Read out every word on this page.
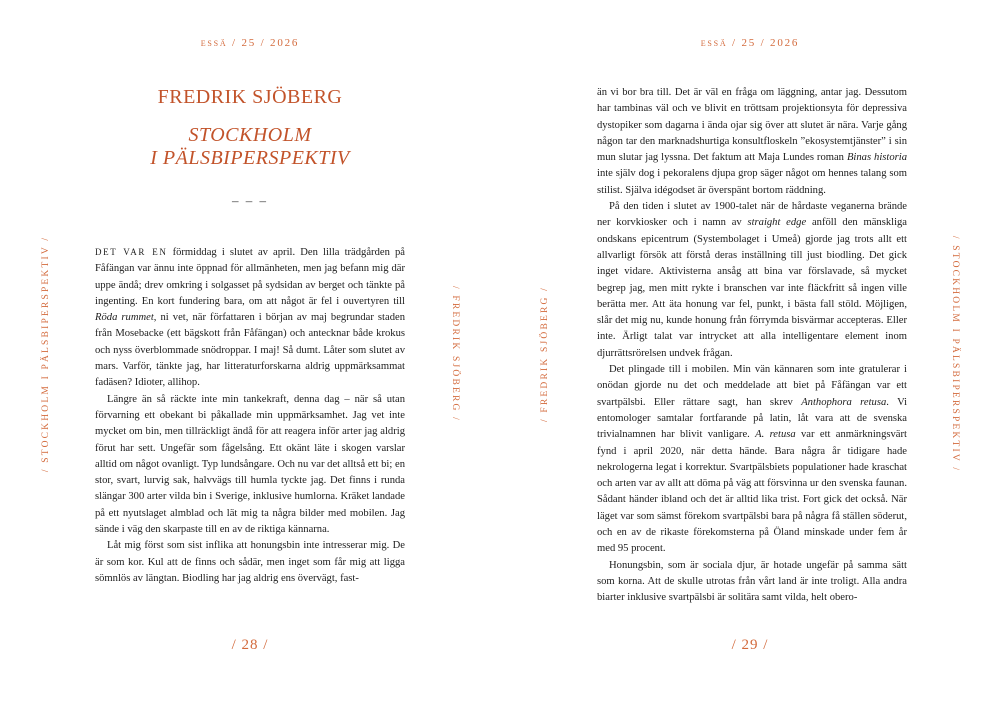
essä / 25 / 2026
/ STOCKHOLM I PÄLSBIPERSPEKTIV /	/ FREDRIK SJÖBERG /
FREDRIK SJÖBERG
STOCKHOLM
I PÄLSBIPERSPEKTIV
– – –

DET VAR EN förmiddag i slutet av april. Den lilla trädgården på Fåfängan var ännu inte öppnad för allmänheten, men jag befann mig där uppe ändå; drev omkring i solgasset på sydsidan av berget och tänkte på ingenting. En kort fundering bara, om att något är fel i ouvertyren till Röda rummet, ni vet, när författaren i början av maj begrundar staden från Mosebacke (ett bägskott från Fåfängan) och antecknar både krokus och nyss överblommade snödroppar. I maj! Så dumt. Låter som slutet av mars. Varför, tänkte jag, har litteraturforskarna aldrig uppmärksammat fadäsen? Idioter, allihop.

Längre än så räckte inte min tankekraft, denna dag – när så utan förvarning ett obekant bi påkallade min uppmärksamhet. Jag vet inte mycket om bin, men tillräckligt ändå för att reagera inför arter jag aldrig förut har sett. Ungefär som fågelsång. Ett okänt läte i skogen varslar alltid om något ovanligt. Typ lundsångare. Och nu var det alltså ett bi; en stor, svart, lurvig sak, halvvägs till humla tyckte jag. Det finns i runda slängar 300 arter vilda bin i Sverige, inklusive humlorna. Kräket landade på ett nyutslaget almblad och lät mig ta några bilder med mobilen. Jag sände i väg den skarpaste till en av de riktiga kännarna.

Låt mig först som sist inflika att honungsbin inte intresserar mig. De är som kor. Kul att de finns och sådär, men inget som får mig att ligga sömnlös av längtan. Biodling har jag aldrig ens övervägt, fast-

/ 28 /
essä / 25 / 2026
/ FREDRIK SJÖBERG /	/ STOCKHOLM I PÄLSBIPERSPEKTIV /
/ 29 /

än vi bor bra till. Det är väl en fråga om läggning, antar jag. Dessutom har tambinas väl och ve blivit en tröttsam projektionsyta för depressiva dystopiker som dagarna i ända ojar sig över att slutet är nära. Varje gång någon tar den marknadshurtiga konsultfloskeln ”ekosystemtjänster” i sin mun slutar jag lyssna. Det faktum att Maja Lundes roman Binas historia inte själv dog i pekoralens djupa grop säger något om hennes talang som stilist. Själva idégodset är överspänt bortom räddning.

På den tiden i slutet av 1900-talet när de hårdaste veganerna brände ner korvkiosker och i namn av straight edge anföll den mänskliga ondskans epicentrum (Systembolaget i Umeå) gjorde jag trots allt ett allvarligt försök att förstå deras inställning till just biodling. Det gick inget vidare. Aktivisterna ansåg att bina var förslavade, så mycket begrep jag, men mitt rykte i branschen var inte fläckfritt så ingen ville berätta mer. Att äta honung var fel, punkt, i bästa fall stöld. Möjligen, slår det mig nu, kunde honung från förrymda bisvärmar accepteras. Eller inte. Ärligt talat var intrycket att alla intelligentare element inom djurrättsrörelsen undvek frågan.

Det plingade till i mobilen. Min vän kännaren som inte gratulerar i onödan gjorde nu det och meddelade att biet på Fåfängan var ett svartpälsbi. Eller rättare sagt, han skrev Anthophora retusa. Vi entomologer samtalar fortfarande på latin, låt vara att de svenska trivialnamnen har blivit vanligare. A. retusa var ett anmärkningsvärt fynd i april 2020, när detta hände. Bara några år tidigare hade nekrologerna legat i korrektur. Svartpälsbiets populationer hade kraschat och arten var av allt att döma på väg att försvinna ur den svenska faunan. Sådant händer ibland och det är alltid lika trist. Fort gick det också. När läget var som sämst förekom svartpälsbi bara på några få ställen söderut, och en av de rikaste förekomsterna på Öland minskade under fem år med 95 procent.

Honungsbin, som är sociala djur, är hotade ungefär på samma sätt som korna. Att de skulle utrotas från vårt land är inte troligt. Alla andra biarter inklusive svartpälsbi är solitära samt vilda, helt obero-
